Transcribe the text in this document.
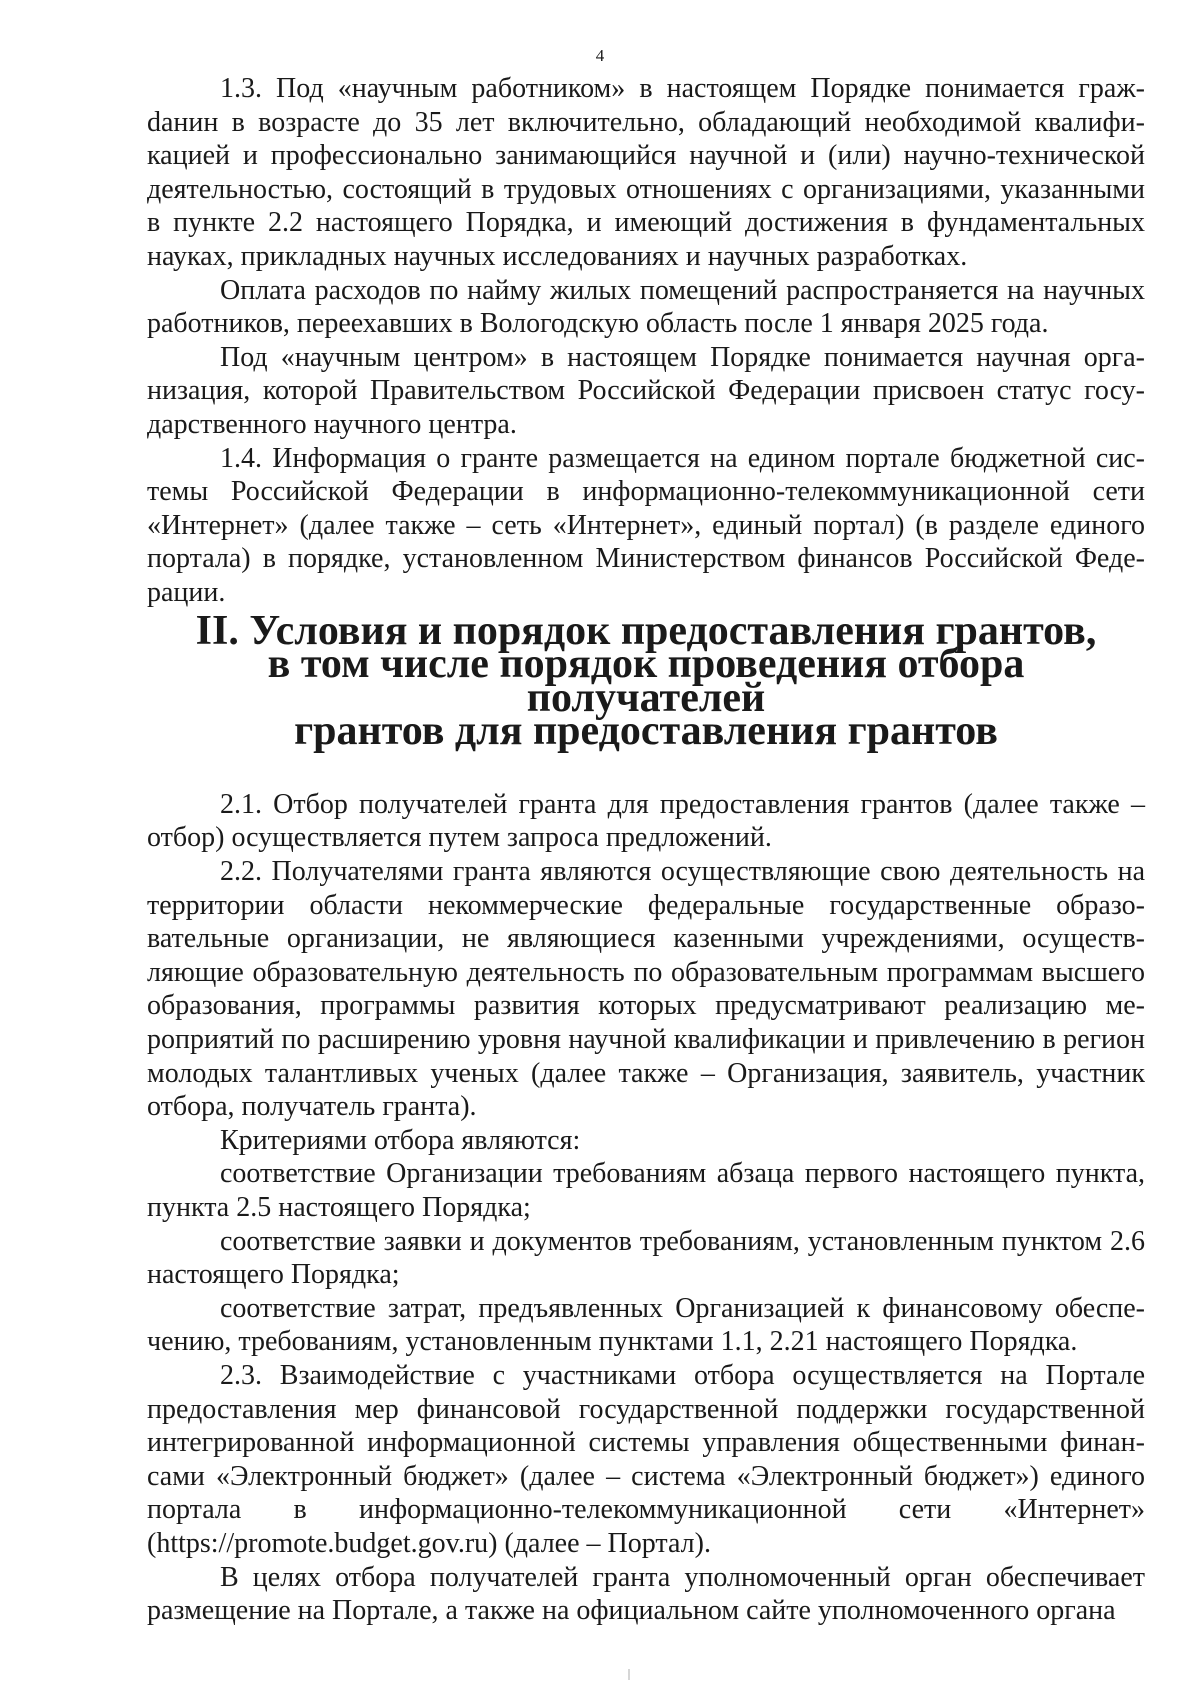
4

1.3. Под «научным работником» в настоящем Порядке понимается гражdанин в возрасте до 35 лет включительно, обладающий необходимой квалификацией и профессионально занимающийся научной и (или) научно-технической деятельностью, состоящий в трудовых отношениях с организациями, указанными в пункте 2.2 настоящего Порядка, и имеющий достижения в фундаментальных науках, прикладных научных исследованиях и научных разработках.

Оплата расходов по найму жилых помещений распространяется на научных работников, переехавших в Вологодскую область после 1 января 2025 года.

Под «научным центром» в настоящем Порядке понимается научная организация, которой Правительством Российской Федерации присвоен статус государственного научного центра.

1.4. Информация о гранте размещается на едином портале бюджетной системы Российской Федерации в информационно-телекоммуникационной сети «Интернет» (далее также – сеть «Интернет», единый портал) (в разделе единого портала) в порядке, установленном Министерством финансов Российской Федерации.

II. Условия и порядок предоставления грантов,
в том числе порядок проведения отбора получателей
грантов для предоставления грантов

2.1. Отбор получателей гранта для предоставления грантов (далее также – отбор) осуществляется путем запроса предложений.

2.2. Получателями гранта являются осуществляющие свою деятельность на территории области некоммерческие федеральные государственные образовательные организации, не являющиеся казенными учреждениями, осуществляющие образовательную деятельность по образовательным программам высшего образования, программы развития которых предусматривают реализацию мероприятий по расширению уровня научной квалификации и привлечению в регион молодых талантливых ученых (далее также – Организация, заявитель, участник отбора, получатель гранта).

Критериями отбора являются:

соответствие Организации требованиям абзаца первого настоящего пункта, пункта 2.5 настоящего Порядка;

соответствие заявки и документов требованиям, установленным пунктом 2.6 настоящего Порядка;

соответствие затрат, предъявленных Организацией к финансовому обеспечению, требованиям, установленным пунктами 1.1, 2.21 настоящего Порядка.

2.3. Взаимодействие с участниками отбора осуществляется на Портале предоставления мер финансовой государственной поддержки государственной интегрированной информационной системы управления общественными финансами «Электронный бюджет» (далее – система «Электронный бюджет») единого портала в информационно-телекоммуникационной сети «Интернет» (https://promote.budget.gov.ru) (далее – Портал).

В целях отбора получателей гранта уполномоченный орган обеспечивает размещение на Портале, а также на официальном сайте уполномоченного органа
